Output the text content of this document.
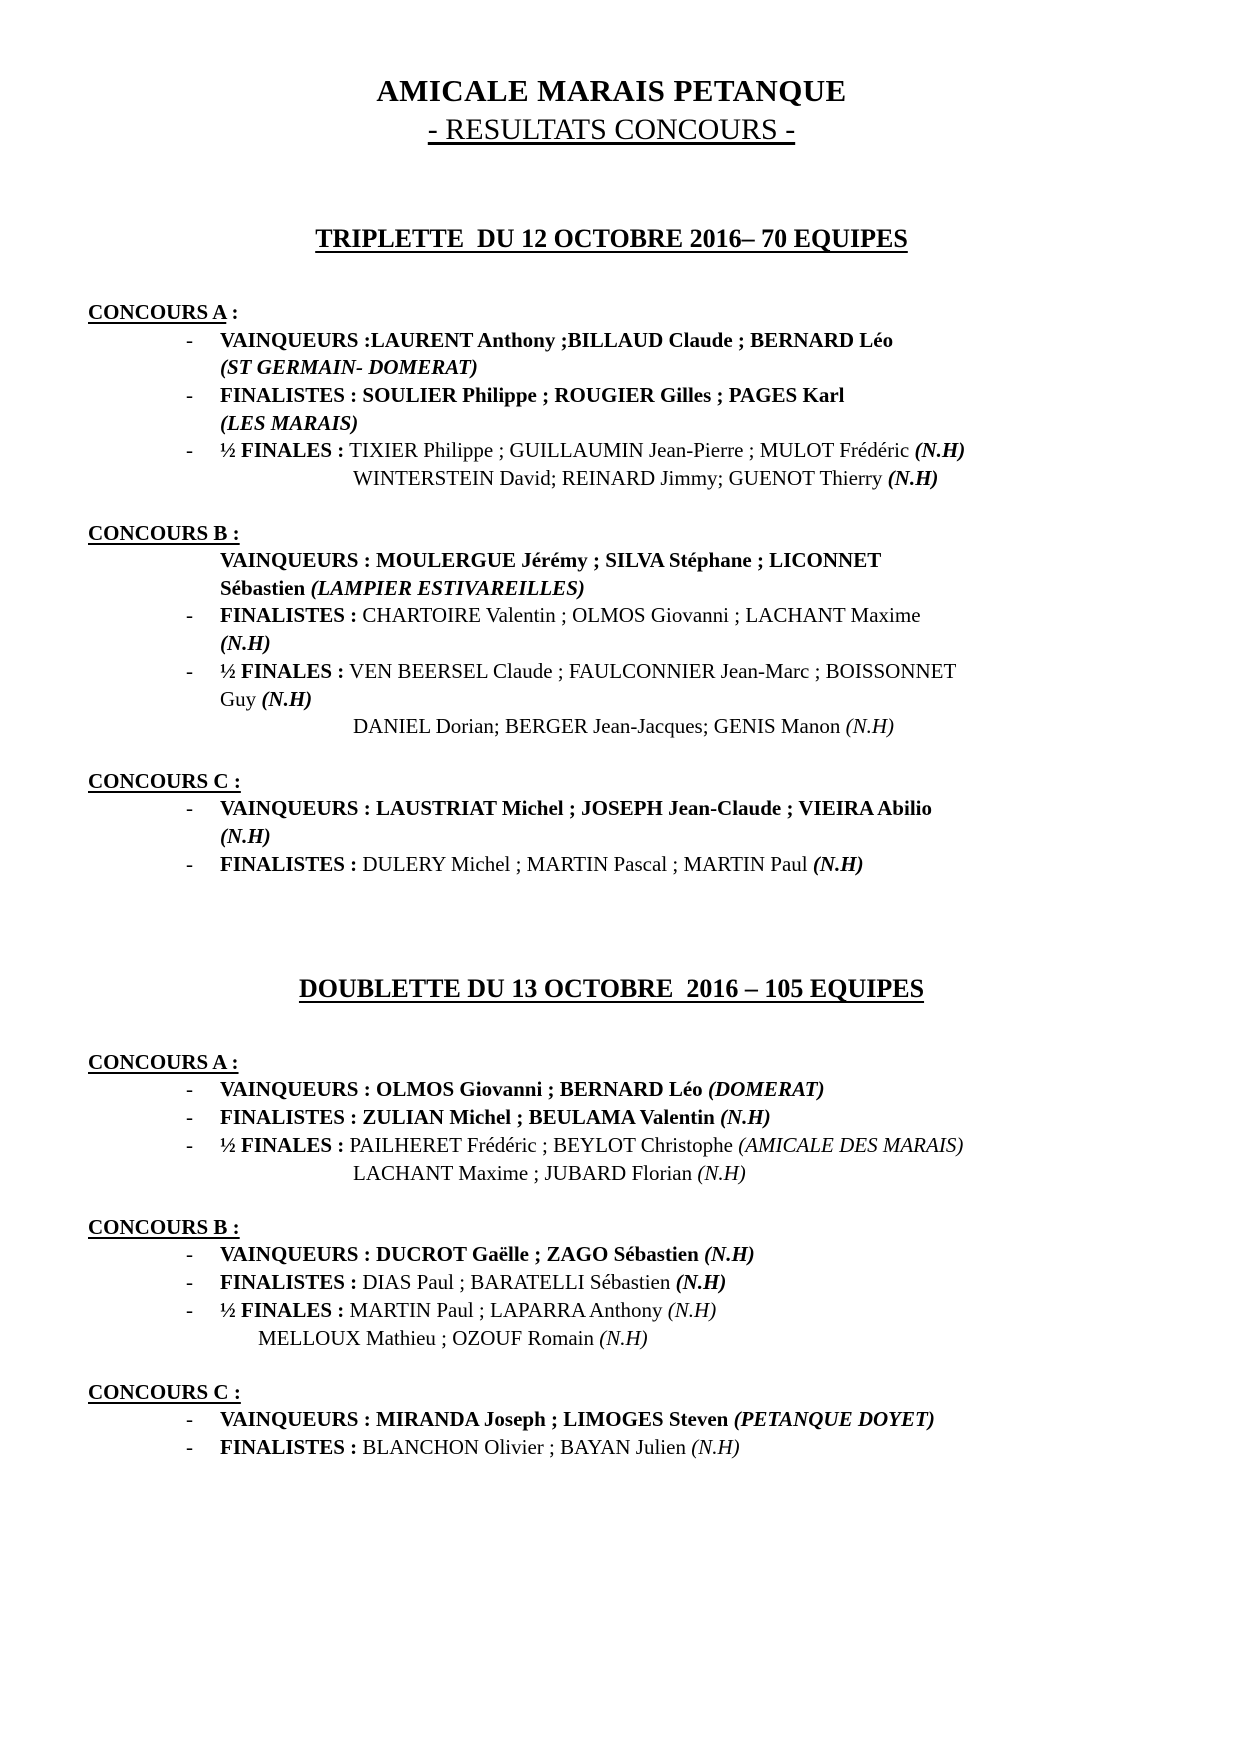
AMICALE MARAIS PETANQUE
- RESULTATS CONCOURS -
TRIPLETTE  DU 12 OCTOBRE 2016– 70 EQUIPES
CONCOURS A :
-	VAINQUEURS :LAURENT Anthony ;BILLAUD Claude ; BERNARD Léo
(ST GERMAIN- DOMERAT)
-	FINALISTES : SOULIER Philippe ; ROUGIER Gilles ; PAGES Karl
(LES MARAIS)
-	½ FINALES : TIXIER Philippe ; GUILLAUMIN Jean-Pierre ; MULOT Frédéric (N.H)
WINTERSTEIN David; REINARD Jimmy; GUENOT Thierry (N.H)
CONCOURS B :
VAINQUEURS : MOULERGUE Jérémy ; SILVA Stéphane ; LICONNET
Sébastien (LAMPIER ESTIVAREILLES)
-	FINALISTES : CHARTOIRE Valentin ; OLMOS Giovanni ; LACHANT Maxime
(N.H)
-	½ FINALES : VEN BEERSEL Claude ; FAULCONNIER Jean-Marc ; BOISSONNET
Guy (N.H)
DANIEL Dorian; BERGER Jean-Jacques; GENIS Manon (N.H)
CONCOURS C :
-	VAINQUEURS : LAUSTRIAT Michel ; JOSEPH Jean-Claude ; VIEIRA Abilio
(N.H)
-	FINALISTES : DULERY Michel ; MARTIN Pascal ; MARTIN Paul (N.H)
DOUBLETTE DU 13 OCTOBRE  2016 – 105 EQUIPES
CONCOURS A :
-	VAINQUEURS : OLMOS Giovanni ; BERNARD Léo (DOMERAT)
-	FINALISTES : ZULIAN Michel ; BEULAMA Valentin (N.H)
-	½ FINALES : PAILHERET Frédéric ; BEYLOT Christophe (AMICALE DES MARAIS)
LACHANT Maxime ; JUBARD Florian (N.H)
CONCOURS B :
-	VAINQUEURS : DUCROT Gaëlle ; ZAGO Sébastien (N.H)
-	FINALISTES : DIAS Paul ; BARATELLI Sébastien (N.H)
-	½ FINALES : MARTIN Paul ; LAPARRA Anthony (N.H)
MELLOUX Mathieu ; OZOUF Romain (N.H)
CONCOURS C :
-	VAINQUEURS : MIRANDA Joseph ; LIMOGES Steven (PETANQUE DOYET)
-	FINALISTES : BLANCHON Olivier ; BAYAN Julien (N.H)
